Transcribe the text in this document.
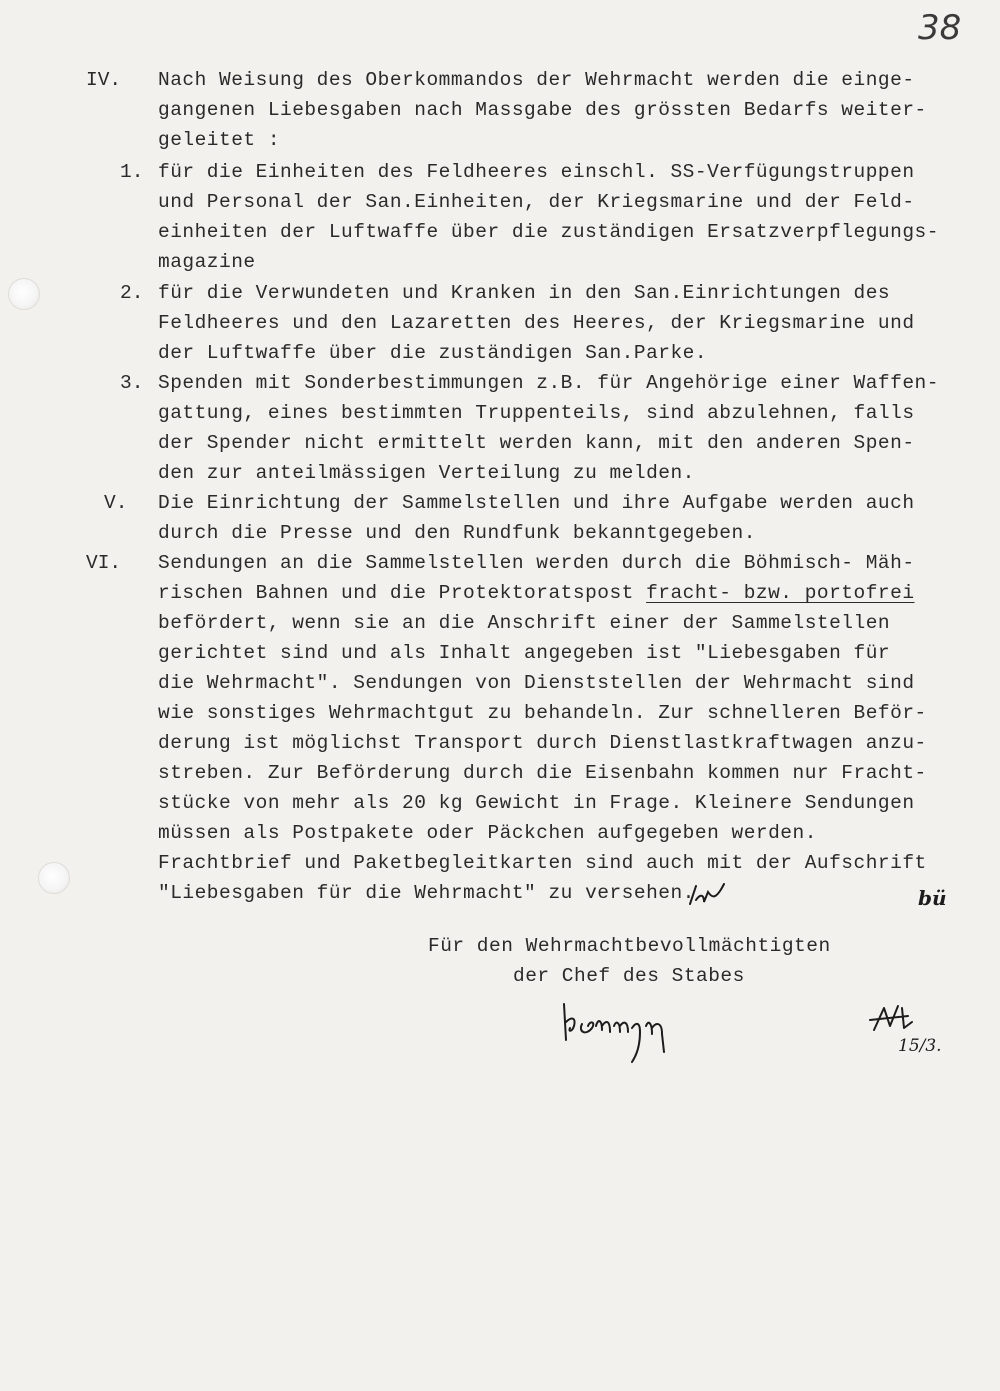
38
IV. Nach Weisung des Oberkommandos der Wehrmacht werden die einge-
gangenen Liebesgaben nach Massgabe des grössten Bedarfs weiter-
geleitet :
1. für die Einheiten des Feldheeres einschl. SS-Verfügungstruppen
und Personal der San.Einheiten, der Kriegsmarine und der Feld-
einheiten der Luftwaffe über die zuständigen Ersatzverpflegungs-
magazine
2. für die Verwundeten und Kranken in den San.Einrichtungen des
Feldheeres und den Lazaretten des Heeres, der Kriegsmarine und
der Luftwaffe über die zuständigen San.Parke.
3. Spenden mit Sonderbestimmungen z.B. für Angehörige einer Waffen-
gattung, eines bestimmten Truppenteils, sind abzulehnen, falls
der Spender nicht ermittelt werden kann, mit den anderen Spen-
den zur anteilmässigen Verteilung zu melden.
V. Die Einrichtung der Sammelstellen und ihre Aufgabe werden auch
durch die Presse und den Rundfunk bekanntgegeben.
VI. Sendungen an die Sammelstellen werden durch die Böhmisch- Mäh-
rischen Bahnen und die Protektoratspost fracht- bzw. portofrei
befördert, wenn sie an die Anschrift einer der Sammelstellen
gerichtet sind und als Inhalt angegeben ist "Liebesgaben für
die Wehrmacht". Sendungen von Dienststellen der Wehrmacht sind
wie sonstiges Wehrmachtgut zu behandeln. Zur schnelleren Beför-
derung ist möglichst Transport durch Dienstlastkraftwagen anzu-
streben. Zur Beförderung durch die Eisenbahn kommen nur Fracht-
stücke von mehr als 20 kg Gewicht in Frage. Kleinere Sendungen
müssen als Postpakete oder Päckchen aufgegeben werden.
Frachtbrief und Paketbegleitkarten sind auch mit der Aufschrift
"Liebesgaben für die Wehrmacht" zu versehen.	bü
Für den Wehrmachtbevollmächtigten
der Chef des Stabes
15/3.
